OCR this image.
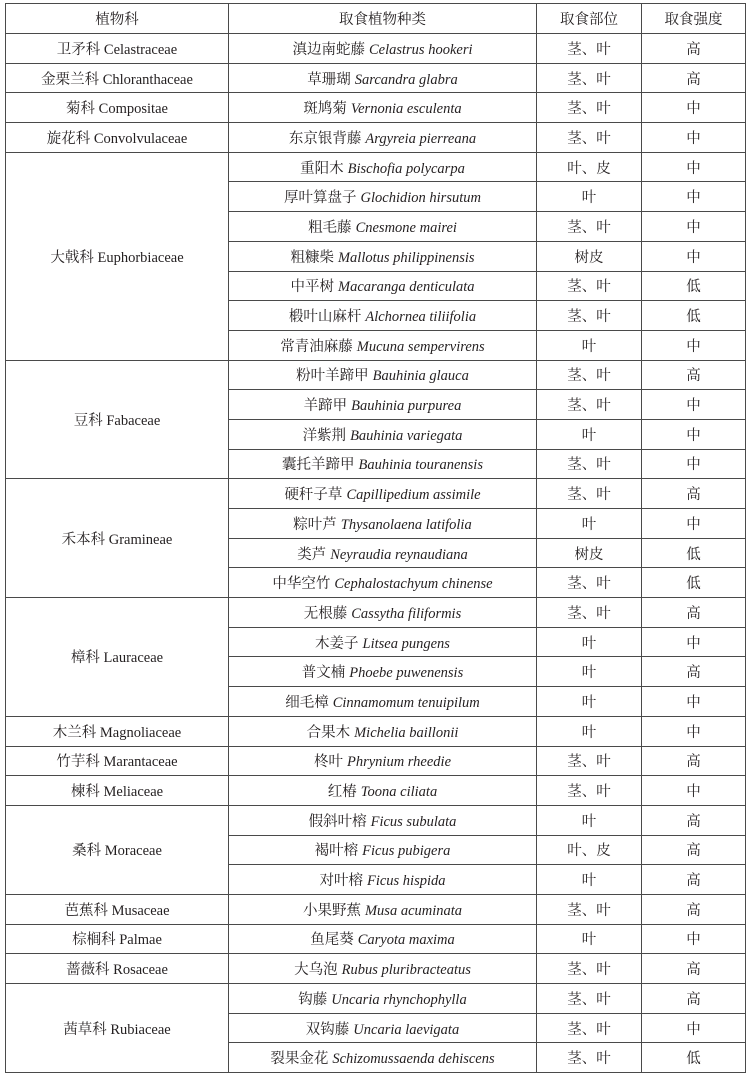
植物科	取食植物种类	取食部位	取食强度
卫矛科 Celastraceae	滇边南蛇藤 Celastrus hookeri	茎、叶	高
金栗兰科 Chloranthaceae	草珊瑚 Sarcandra glabra	茎、叶	高
菊科 Compositae	斑鸠菊 Vernonia esculenta	茎、叶	中
旋花科 Convolvulaceae	东京银背藤 Argyreia pierreana	茎、叶	中
大戟科 Euphorbiaceae	重阳木 Bischofia polycarpa	叶、皮	中
	厚叶算盘子 Glochidion hirsutum	叶	中
	粗毛藤 Cnesmone mairei	茎、叶	中
	粗糠柴 Mallotus philippinensis	树皮	中
	中平树 Macaranga denticulata	茎、叶	低
	椴叶山麻杆 Alchornea tiliifolia	茎、叶	低
	常青油麻藤 Mucuna sempervirens	叶	中
豆科 Fabaceae	粉叶羊蹄甲 Bauhinia glauca	茎、叶	高
	羊蹄甲 Bauhinia purpurea	茎、叶	中
	洋紫荆 Bauhinia variegata	叶	中
	囊托羊蹄甲 Bauhinia touranensis	茎、叶	中
禾本科 Gramineae	硬秆子草 Capillipedium assimile	茎、叶	高
	粽叶芦 Thysanolaena latifolia	叶	中
	类芦 Neyraudia reynaudiana	树皮	低
	中华空竹 Cephalostachyum chinense	茎、叶	低
樟科 Lauraceae	无根藤 Cassytha filiformis	茎、叶	高
	木姜子 Litsea pungens	叶	中
	普文楠 Phoebe puwenensis	叶	高
	细毛樟 Cinnamomum tenuipilum	叶	中
木兰科 Magnoliaceae	合果木 Michelia baillonii	叶	中
竹芋科 Marantaceae	柊叶 Phrynium rheedie	茎、叶	高
楝科 Meliaceae	红椿 Toona ciliata	茎、叶	中
桑科 Moraceae	假斜叶榕 Ficus subulata	叶	高
	褐叶榕 Ficus pubigera	叶、皮	高
	对叶榕 Ficus hispida	叶	高
芭蕉科 Musaceae	小果野蕉 Musa acuminata	茎、叶	高
棕榈科 Palmae	鱼尾葵 Caryota maxima	叶	中
蔷薇科 Rosaceae	大乌泡 Rubus pluribracteatus	茎、叶	高
茜草科 Rubiaceae	钩藤 Uncaria rhynchophylla	茎、叶	高
	双钩藤 Uncaria laevigata	茎、叶	中
	裂果金花 Schizomussaenda dehiscens	茎、叶	低
